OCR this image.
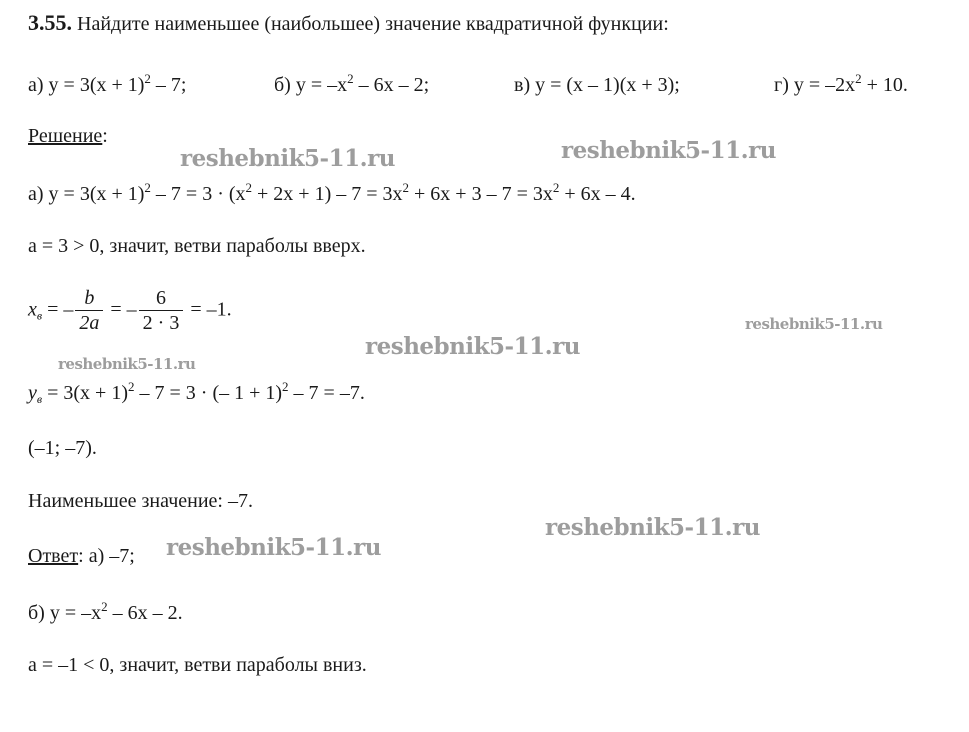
3.55. Найдите наименьшее (наибольшее) значение квадратичной функции:
а) $y = 3(x + 1)^2 - 7$;	б) $y = -x^2 - 6x - 2$;	в) y = (x – 1)(x + 3);	г) $y = -2x^2 + 10$.
Решение:
а) $y = 3(x + 1)^2 - 7 = 3 \cdot (x^2 + 2x + 1) - 7 = 3x^2 + 6x + 3 - 7 = 3x^2 + 6x - 4$.
a = 3 > 0, значит, ветви параболы вверх.
$x_в$ = – $\frac{b}{2a}$ = – $\frac{6}{2 \cdot 3} = -1$.
$y_в = 3(x + 1)^2 - 7 = 3$ · (– 1 + 1)$^2$ – 7 = –7.
(–1; –7).
Наименьшее значение: –7.
Ответ: а) –7;
б) $y = -x^2 - 6x - 2$.
a = –1 < 0, значит, ветви параболы вниз.
reshebnik5-11.ru	reshebnik5-11.ru
reshebnik5-11.ru
reshebnik5-11.ru
reshebnik5-11.ru
reshebnik5-11.ru
reshebnik5-11.ru
